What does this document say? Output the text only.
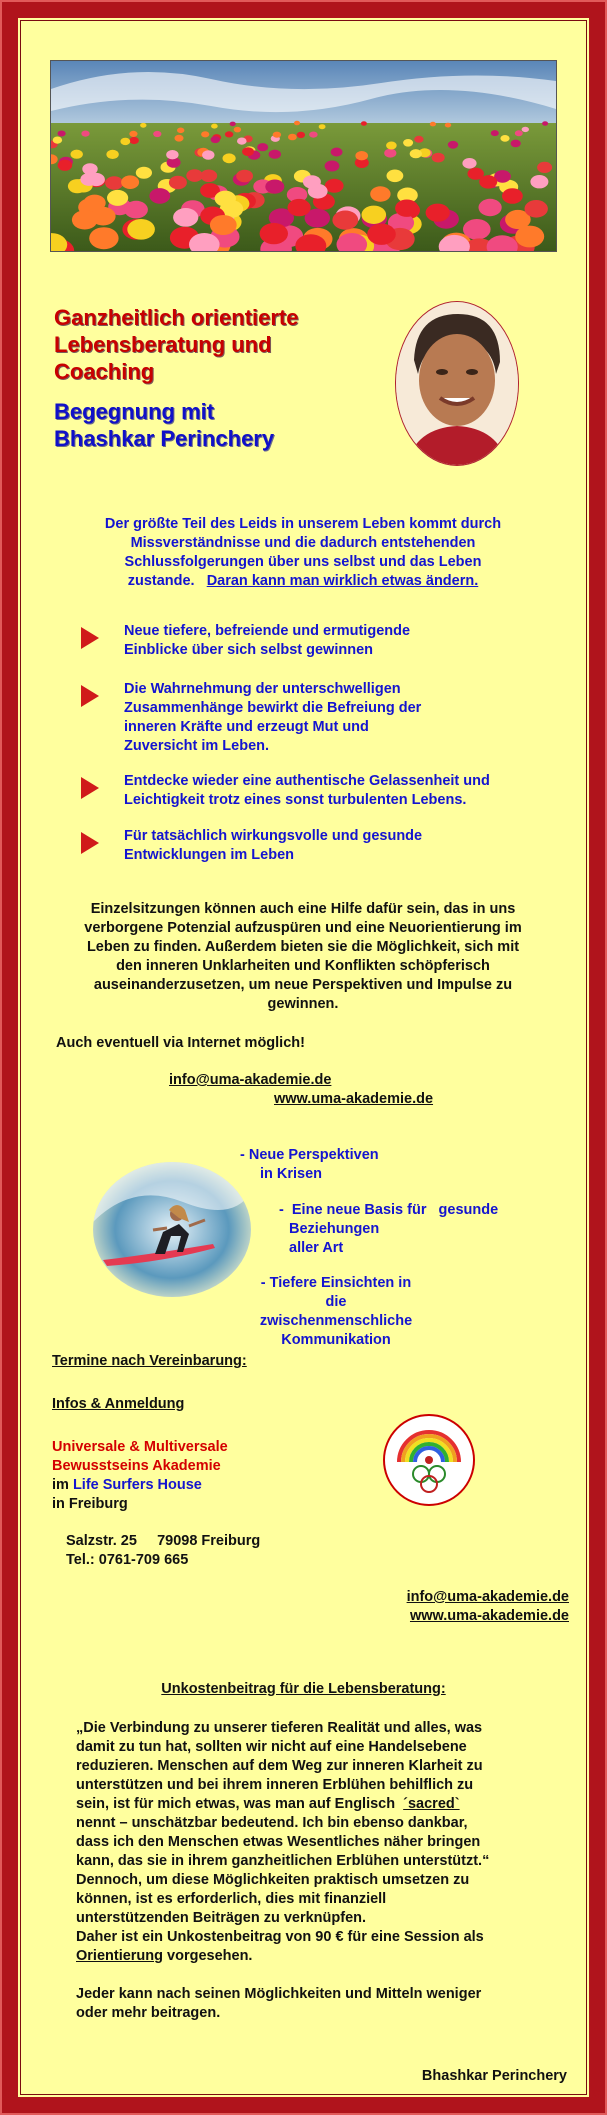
Ganzheitlich orientierte
Lebensberatung und
Coaching
Begegnung mit
Bhashkar Perinchery
Der größte Teil des Leids in unserem Leben kommt durch
Missverständnisse und die dadurch entstehenden
Schlussfolgerungen über uns selbst und das Leben
zustande.   Daran kann man wirklich etwas ändern.
Neue tiefere, befreiende und ermutigende
Einblicke über sich selbst gewinnen
Die Wahrnehmung der unterschwelligen
Zusammenhänge bewirkt die Befreiung der
inneren Kräfte und erzeugt Mut und
Zuversicht im Leben.
Entdecke wieder eine authentische Gelassenheit und
Leichtigkeit trotz eines sonst turbulenten Lebens.
Für tatsächlich wirkungsvolle und gesunde
Entwicklungen im Leben
Einzelsitzungen können auch eine Hilfe dafür sein, das in uns
verborgene Potenzial aufzuspüren und eine Neuorientierung im
Leben zu finden. Außerdem bieten sie die Möglichkeit, sich mit
den inneren Unklarheiten und Konflikten schöpferisch
auseinanderzusetzen, um neue Perspektiven und Impulse zu
gewinnen.
Auch eventuell via Internet möglich!
info@uma-akademie.de
www.uma-akademie.de
- Neue Perspektiven
in Krisen
-  Eine neue Basis für   gesunde
Beziehungen
aller Art
- Tiefere Einsichten in
die zwischenmenschliche
Kommunikation
Termine nach Vereinbarung:
Infos & Anmeldung
Universale & Multiversale
Bewusstseins Akademie
im Life Surfers House
in Freiburg
Salzstr. 25     79098 Freiburg
Tel.: 0761-709 665
info@uma-akademie.de
www.uma-akademie.de
Unkostenbeitrag für die Lebensberatung:
„Die Verbindung zu unserer tieferen Realität und alles, was
damit zu tun hat, sollten wir nicht auf eine Handelsebene
reduzieren. Menschen auf dem Weg zur inneren Klarheit zu
unterstützen und bei ihrem inneren Erblühen behilflich zu
sein, ist für mich etwas, was man auf Englisch  ´sacred`
nennt – unschätzbar bedeutend. Ich bin ebenso dankbar,
dass ich den Menschen etwas Wesentliches näher bringen
kann, das sie in ihrem ganzheitlichen Erblühen unterstützt.“
Dennoch, um diese Möglichkeiten praktisch umsetzen zu
können, ist es erforderlich, dies mit finanziell
unterstützenden Beiträgen zu verknüpfen.
Daher ist ein Unkostenbeitrag von 90 € für eine Session als
Orientierung vorgesehen.
Jeder kann nach seinen Möglichkeiten und Mitteln weniger
oder mehr beitragen.
Bhashkar Perinchery
